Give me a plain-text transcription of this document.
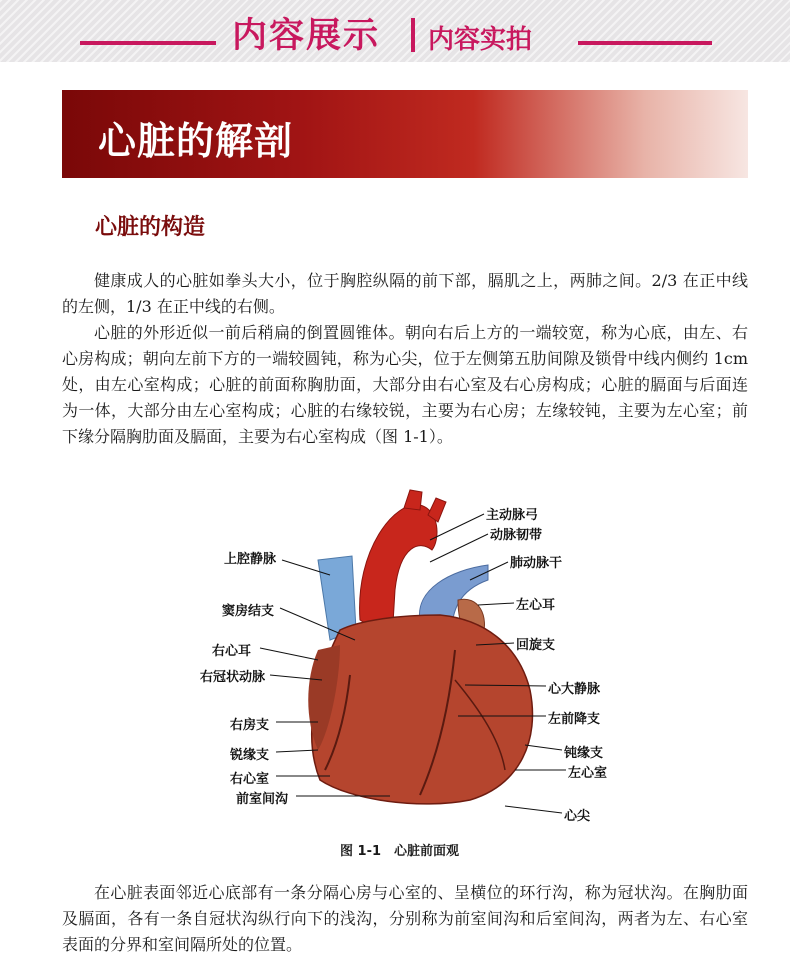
内容展示 内容实拍
心脏的解剖
心脏的构造

健康成人的心脏如拳头大小，位于胸腔纵隔的前下部，膈肌之上，两肺之间。2/3 在正中线的左侧，1/3 在正中线的右侧。

心脏的外形近似一前后稍扁的倒置圆锥体。朝向右后上方的一端较宽，称为心底，由左、右心房构成；朝向左前下方的一端较圆钝，称为心尖，位于左侧第五肋间隙及锁骨中线内侧约 1cm 处，由左心室构成；心脏的前面称胸肋面，大部分由右心室及右心房构成；心脏的膈面与后面连为一体，大部分由左心室构成；心脏的右缘较锐，主要为右心房；左缘较钝，主要为左心室；前下缘分隔胸肋面及膈面，主要为右心室构成（图 1-1）。

上腔静脉
窦房结支
右心耳
右冠状动脉
右房支
锐缘支
右心室
前室间沟
主动脉弓
动脉韧带
肺动脉干
左心耳
回旋支
心大静脉
左前降支
钝缘支
左心室
心尖
图 1-1　心脏前面观

在心脏表面邻近心底部有一条分隔心房与心室的、呈横位的环行沟，称为冠状沟。在胸肋面及膈面，各有一条自冠状沟纵行向下的浅沟，分别称为前室间沟和后室间沟，两者为左、右心室表面的分界和室间隔所处的位置。
